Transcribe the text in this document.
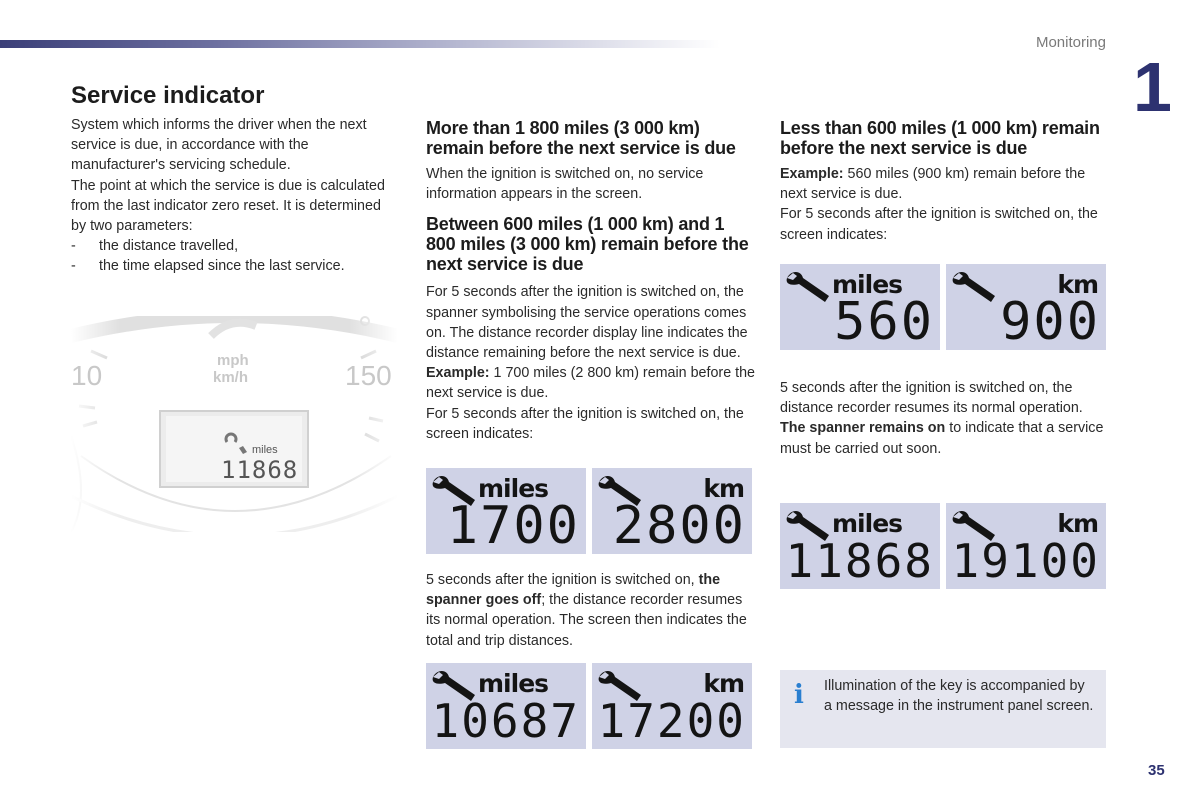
Monitoring
1
Service indicator

System which informs the driver when the next service is due, in accordance with the manufacturer's servicing schedule.

The point at which the service is due is calculated from the last indicator zero reset. It is determined by two parameters:

-	the distance travelled,
-	the time elapsed since the last service.
10	150
mph
km/h
miles
11868
More than 1 800 miles (3 000 km) remain before the next service is due

When the ignition is switched on, no service information appears in the screen.

Between 600 miles (1 000 km) and 1 800 miles (3 000 km) remain before the next service is due

For 5 seconds after the ignition is switched on, the spanner symbolising the service operations comes on. The distance recorder display line indicates the distance remaining before the next service is due.

Example: 1 700 miles (2 800 km) remain before the next service is due.

For 5 seconds after the ignition is switched on, the screen indicates:

miles
1700
km
2800

5 seconds after the ignition is switched on, the spanner goes off; the distance recorder resumes its normal operation. The screen then indicates the total and trip distances.

miles
10687
km
17200
Less than 600 miles (1 000 km) remain before the next service is due

Example: 560 miles (900 km) remain before the next service is due.

For 5 seconds after the ignition is switched on, the screen indicates:

miles
560
km
900

5 seconds after the ignition is switched on, the distance recorder resumes its normal operation. The spanner remains on to indicate that a service must be carried out soon.

miles
11868
km
19100
i Illumination of the key is accompanied by a message in the instrument panel screen.
35
